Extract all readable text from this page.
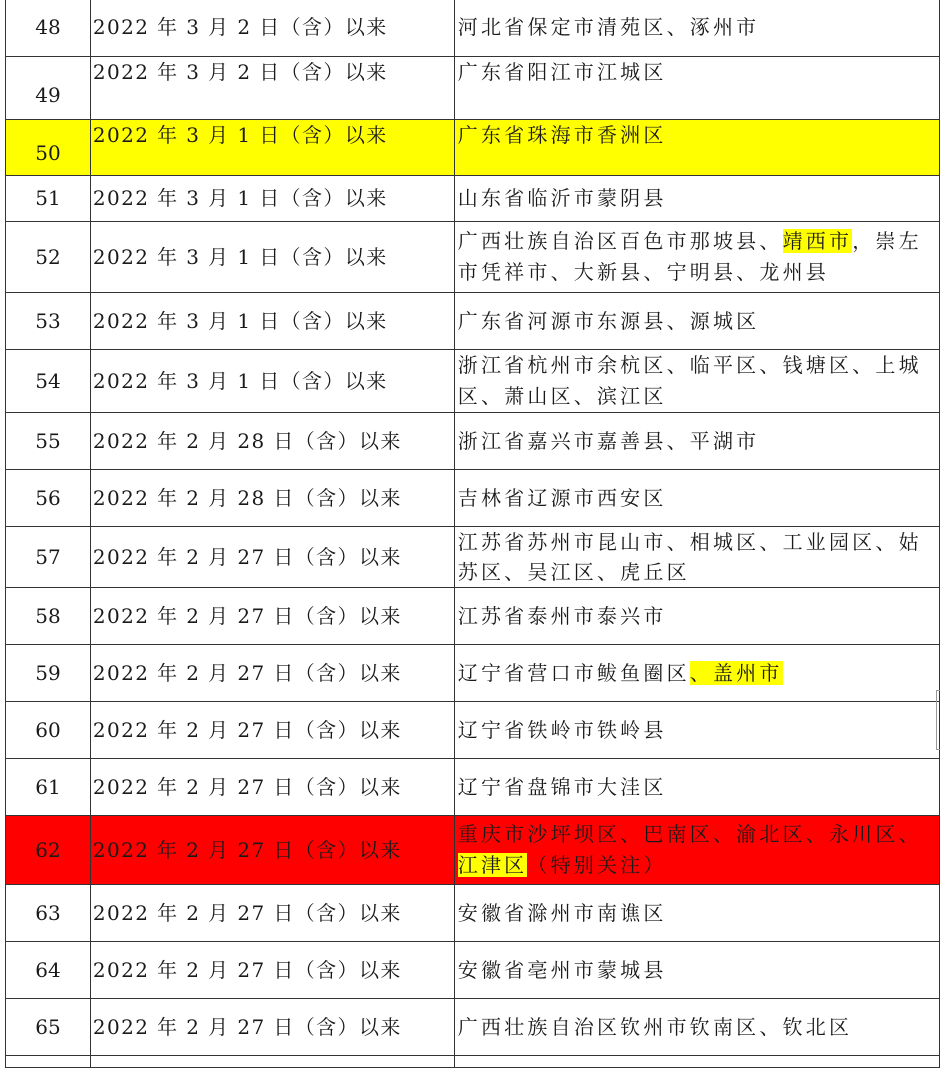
48	2022 年 3 月 2 日（含）以来	河北省保定市清苑区、涿州市
49	2022 年 3 月 2 日（含）以来	广东省阳江市江城区
50	2022 年 3 月 1 日（含）以来	广东省珠海市香洲区
51	2022 年 3 月 1 日（含）以来	山东省临沂市蒙阴县
52	2022 年 3 月 1 日（含）以来	广西壮族自治区百色市那坡县、靖西市，崇左市凭祥市、大新县、宁明县、龙州县
53	2022 年 3 月 1 日（含）以来	广东省河源市东源县、源城区
54	2022 年 3 月 1 日（含）以来	浙江省杭州市余杭区、临平区、钱塘区、上城区、萧山区、滨江区
55	2022 年 2 月 28 日（含）以来	浙江省嘉兴市嘉善县、平湖市
56	2022 年 2 月 28 日（含）以来	吉林省辽源市西安区
57	2022 年 2 月 27 日（含）以来	江苏省苏州市昆山市、相城区、工业园区、姑苏区、吴江区、虎丘区
58	2022 年 2 月 27 日（含）以来	江苏省泰州市泰兴市
59	2022 年 2 月 27 日（含）以来	辽宁省营口市鲅鱼圈区、盖州市
60	2022 年 2 月 27 日（含）以来	辽宁省铁岭市铁岭县
61	2022 年 2 月 27 日（含）以来	辽宁省盘锦市大洼区
62	2022 年 2 月 27 日（含）以来	重庆市沙坪坝区、巴南区、渝北区、永川区、江津区（特别关注）
63	2022 年 2 月 27 日（含）以来	安徽省滁州市南谯区
64	2022 年 2 月 27 日（含）以来	安徽省亳州市蒙城县
65	2022 年 2 月 27 日（含）以来	广西壮族自治区钦州市钦南区、钦北区
